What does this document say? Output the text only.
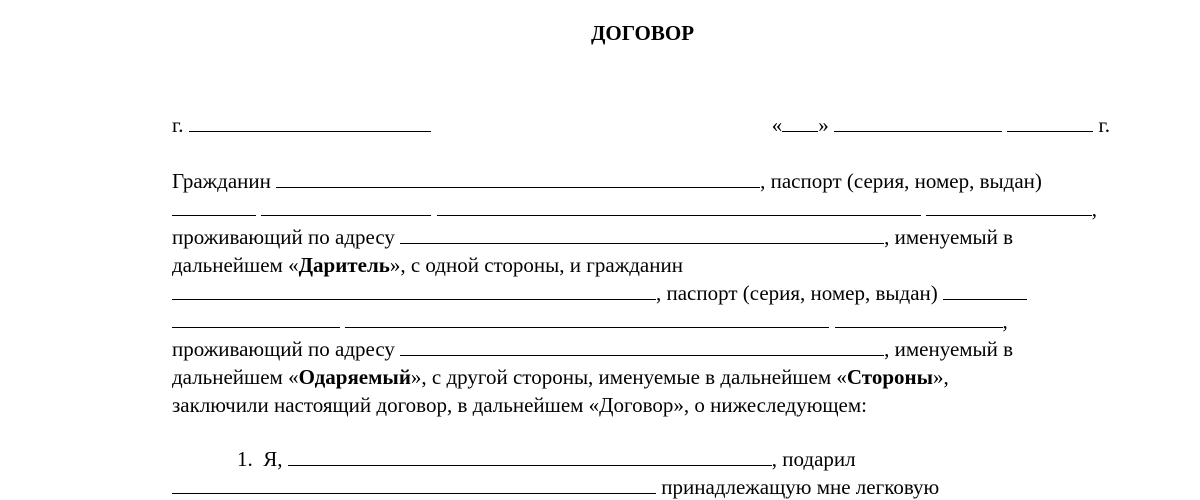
ДОГОВОР
г.	« »	г.
Гражданин	, паспорт (серия, номер, выдан)
,
проживающий по адресу	, именуемый в
дальнейшем «Даритель», с одной стороны, и гражданин
, паспорт (серия, номер, выдан)
,
проживающий по адресу	, именуемый в
дальнейшем «Одаряемый», с другой стороны, именуемые в дальнейшем «Стороны»,
заключили настоящий договор, в дальнейшем «Договор», о нижеследующем:
1. Я,	, подарил
принадлежащую мне легковую
